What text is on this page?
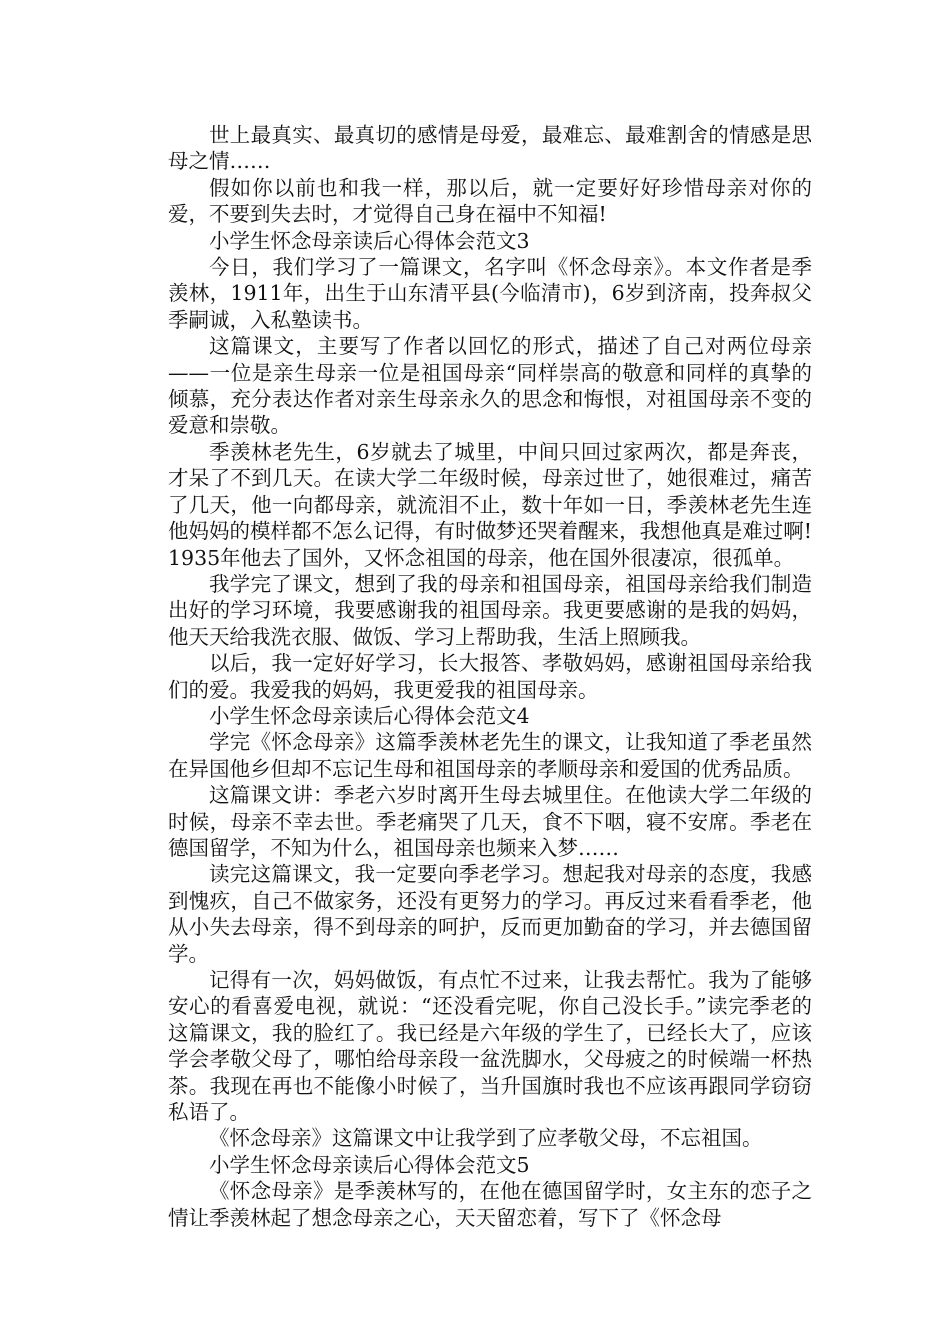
世上最真实、最真切的感情是母爱，最难忘、最难割舍的情感是思母之情……

假如你以前也和我一样，那以后，就一定要好好珍惜母亲对你的爱，不要到失去时，才觉得自己身在福中不知福!

小学生怀念母亲读后心得体会范文3

今日，我们学习了一篇课文，名字叫《怀念母亲》。本文作者是季羡林，1911年，出生于山东清平县(今临清市)，6岁到济南，投奔叔父季嗣诚，入私塾读书。

这篇课文，主要写了作者以回忆的形式，描述了自己对两位母亲——一位是亲生母亲一位是祖国母亲“同样崇高的敬意和同样的真挚的倾慕，充分表达作者对亲生母亲永久的思念和悔恨，对祖国母亲不变的爱意和崇敬。

季羡林老先生，6岁就去了城里，中间只回过家两次，都是奔丧，才呆了不到几天。在读大学二年级时候，母亲过世了，她很难过，痛苦了几天，他一向都母亲，就流泪不止，数十年如一日，季羡林老先生连他妈妈的模样都不怎么记得，有时做梦还哭着醒来，我想他真是难过啊!1935年他去了国外，又怀念祖国的母亲，他在国外很凄凉，很孤单。

我学完了课文，想到了我的母亲和祖国母亲，祖国母亲给我们制造出好的学习环境，我要感谢我的祖国母亲。我更要感谢的是我的妈妈，他天天给我洗衣服、做饭、学习上帮助我，生活上照顾我。

以后，我一定好好学习，长大报答、孝敬妈妈，感谢祖国母亲给我们的爱。我爱我的妈妈，我更爱我的祖国母亲。

小学生怀念母亲读后心得体会范文4

学完《怀念母亲》这篇季羡林老先生的课文，让我知道了季老虽然在异国他乡但却不忘记生母和祖国母亲的孝顺母亲和爱国的优秀品质。

这篇课文讲：季老六岁时离开生母去城里住。在他读大学二年级的时候，母亲不幸去世。季老痛哭了几天，食不下咽，寝不安席。季老在德国留学，不知为什么，祖国母亲也频来入梦……

读完这篇课文，我一定要向季老学习。想起我对母亲的态度，我感到愧疚，自己不做家务，还没有更努力的学习。再反过来看看季老，他从小失去母亲，得不到母亲的呵护，反而更加勤奋的学习，并去德国留学。

记得有一次，妈妈做饭，有点忙不过来，让我去帮忙。我为了能够安心的看喜爱电视，就说：“还没看完呢，你自己没长手。”读完季老的这篇课文，我的脸红了。我已经是六年级的学生了，已经长大了，应该学会孝敬父母了，哪怕给母亲段一盆洗脚水，父母疲之的时候端一杯热茶。我现在再也不能像小时候了，当升国旗时我也不应该再跟同学窃窃私语了。

《怀念母亲》这篇课文中让我学到了应孝敬父母，不忘祖国。

小学生怀念母亲读后心得体会范文5

《怀念母亲》是季羡林写的，在他在德国留学时，女主东的恋子之情让季羡林起了想念母亲之心，天天留恋着，写下了《怀念母
